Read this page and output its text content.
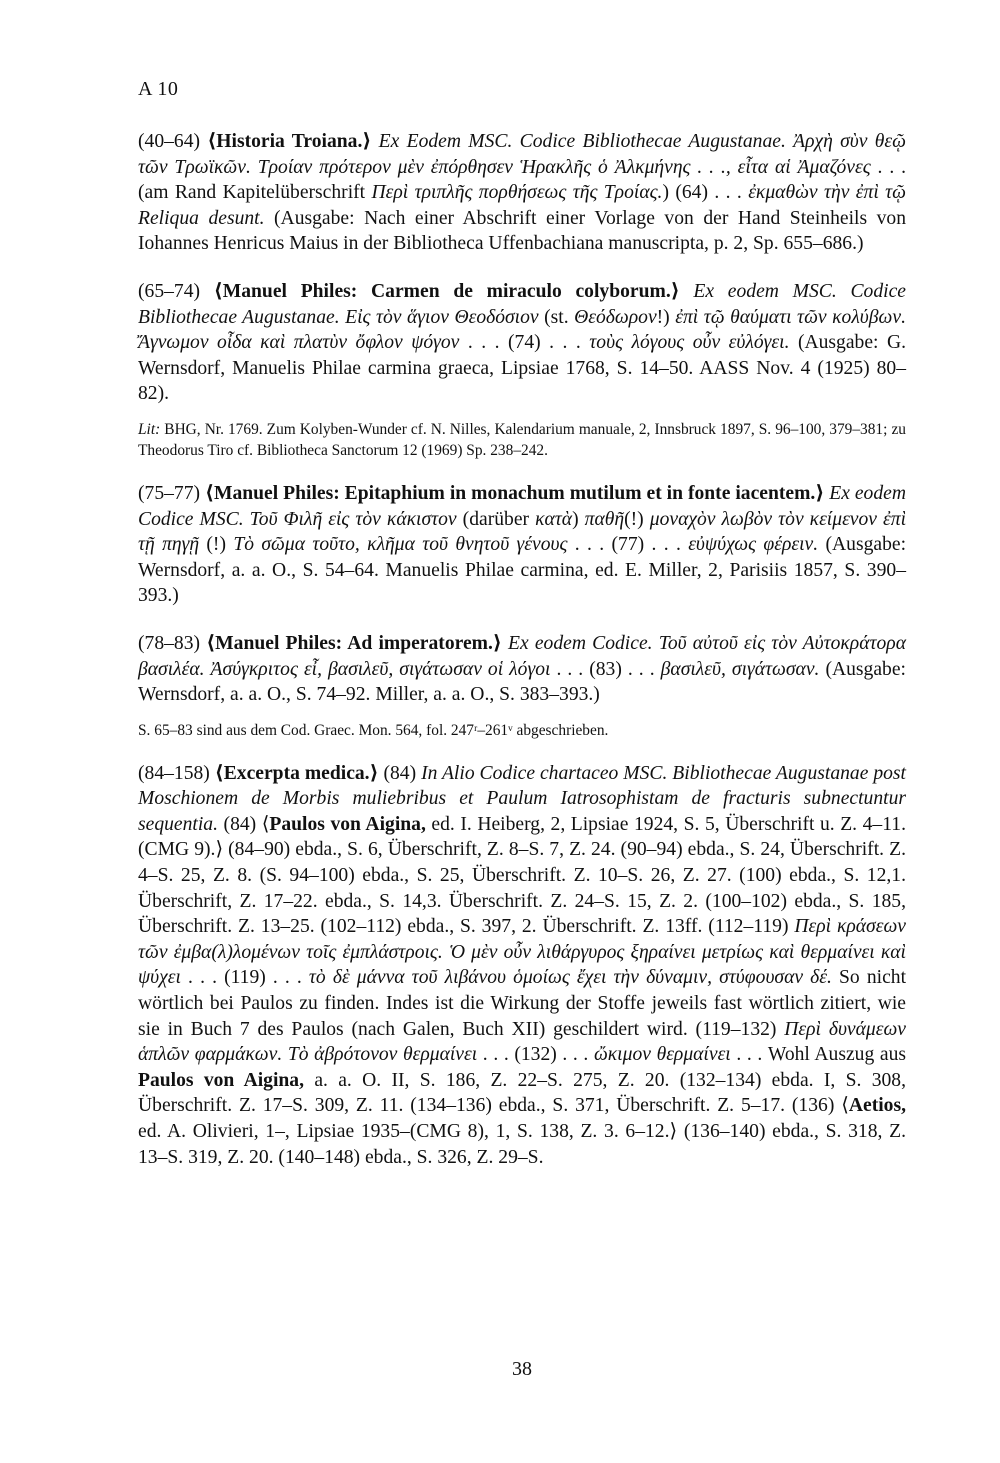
A 10

(40–64) ⟨Historia Troiana.⟩ Ex Eodem MSC. Codice Bibliothecae Augustanae. Ἀρχὴ σὺν θεῷ τῶν Τρωϊκῶν. Τροίαν πρότερον μὲν ἐπόρθησεν Ἡρακλῆς ὁ Ἀλκμήνης . . ., εἶτα αἱ Ἀμαζόνες . . . (am Rand Kapitelüberschrift Περὶ τριπλῆς πορθήσεως τῆς Τροίας.) (64) . . . ἐκμαθὼν τὴν ἐπὶ τῷ Reliqua desunt. (Ausgabe: Nach einer Abschrift einer Vorlage von der Hand Steinheils von Iohannes Henricus Maius in der Bibliotheca Uffenbachiana manuscripta, p. 2, Sp. 655–686.)

(65–74) ⟨Manuel Philes: Carmen de miraculo colyborum.⟩ Ex eodem MSC. Codice Bibliothecae Augustanae. Εἰς τὸν ἅγιον Θεοδόσιον (st. Θεόδωρον!) ἐπὶ τῷ θαύματι τῶν κολύβων. Ἄγνωμον οἶδα καὶ πλατὺν ὄφλον ψόγον . . . (74) . . . τοὺς λόγους οὖν εὐλόγει. (Ausgabe: G. Wernsdorf, Manuelis Philae carmina graeca, Lipsiae 1768, S. 14–50. AASS Nov. 4 (1925) 80–82).

Lit: BHG, Nr. 1769. Zum Kolyben-Wunder cf. N. Nilles, Kalendarium manuale, 2, Innsbruck 1897, S. 96–100, 379–381; zu Theodorus Tiro cf. Bibliotheca Sanctorum 12 (1969) Sp. 238–242.

(75–77) ⟨Manuel Philes: Epitaphium in monachum mutilum et in fonte iacentem.⟩ Ex eodem Codice MSC. Τοῦ Φιλῆ εἰς τὸν κάκιστον (darüber κατὰ) παθῆ(!) μοναχὸν λωβὸν τὸν κείμενον ἐπὶ τῇ πηγῇ (!) Τὸ σῶμα τοῦτο, κλῆμα τοῦ θνητοῦ γένους . . . (77) . . . εὐψύχως φέρειν. (Ausgabe: Wernsdorf, a. a. O., S. 54–64. Manuelis Philae carmina, ed. E. Miller, 2, Parisiis 1857, S. 390–393.)

(78–83) ⟨Manuel Philes: Ad imperatorem.⟩ Ex eodem Codice. Τοῦ αὐτοῦ εἰς τὸν Αὐτοκράτορα βασιλέα. Ἀσύγκριτος εἶ, βασιλεῦ, σιγάτωσαν οἱ λόγοι . . . (83) . . . βασιλεῦ, σιγάτωσαν. (Ausgabe: Wernsdorf, a. a. O., S. 74–92. Miller, a. a. O., S. 383–393.)

S. 65–83 sind aus dem Cod. Graec. Mon. 564, fol. 247ʳ–261ᵛ abgeschrieben.

(84–158) ⟨Excerpta medica.⟩ (84) In Alio Codice chartaceo MSC. Bibliothecae Augustanae post Moschionem de Morbis muliebribus et Paulum Iatrosophistam de fracturis subnectuntur sequentia. (84) ⟨Paulos von Aigina, ed. I. Heiberg, 2, Lipsiae 1924, S. 5, Überschrift u. Z. 4–11. (CMG 9).⟩ (84–90) ebda., S. 6, Überschrift, Z. 8–S. 7, Z. 24. (90–94) ebda., S. 24, Überschrift. Z. 4–S. 25, Z. 8. (S. 94–100) ebda., S. 25, Überschrift. Z. 10–S. 26, Z. 27. (100) ebda., S. 12,1. Überschrift, Z. 17–22. ebda., S. 14,3. Überschrift. Z. 24–S. 15, Z. 2. (100–102) ebda., S. 185, Überschrift. Z. 13–25. (102–112) ebda., S. 397, 2. Überschrift. Z. 13ff. (112–119) Περὶ κράσεων τῶν ἐμβα(λ)λομένων τοῖς ἐμπλάστροις. Ὁ μὲν οὖν λιθάργυρος ξηραίνει μετρίως καὶ θερμαίνει καὶ ψύχει . . . (119) . . . τὸ δὲ μάννα τοῦ λιβάνου ὁμοίως ἔχει τὴν δύναμιν, στύφουσαν δέ. So nicht wörtlich bei Paulos zu finden. Indes ist die Wirkung der Stoffe jeweils fast wörtlich zitiert, wie sie in Buch 7 des Paulos (nach Galen, Buch XII) geschildert wird. (119–132) Περὶ δυνάμεων ἁπλῶν φαρμάκων. Τὸ ἀβρότονον θερμαίνει . . . (132) . . . ὤκιμον θερμαίνει . . . Wohl Auszug aus Paulos von Aigina, a. a. O. II, S. 186, Z. 22–S. 275, Z. 20. (132–134) ebda. I, S. 308, Überschrift. Z. 17–S. 309, Z. 11. (134–136) ebda., S. 371, Überschrift. Z. 5–17. (136) ⟨Aetios, ed. A. Olivieri, 1–, Lipsiae 1935–(CMG 8), 1, S. 138, Z. 3. 6–12.⟩ (136–140) ebda., S. 318, Z. 13–S. 319, Z. 20. (140–148) ebda., S. 326, Z. 29–S.

38
